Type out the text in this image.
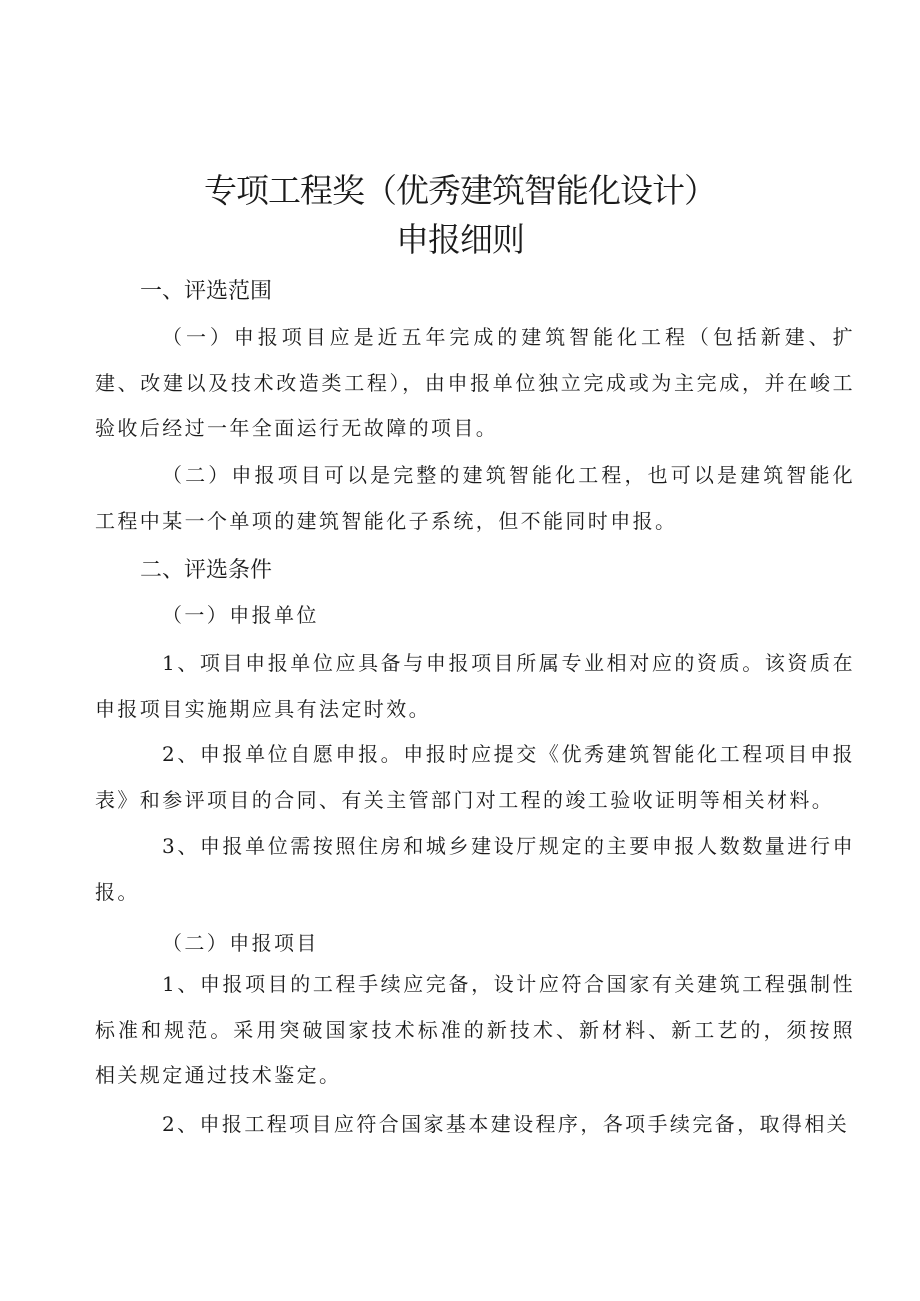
专项工程奖（优秀建筑智能化设计）
申报细则
一、评选范围

（一）申报项目应是近五年完成的建筑智能化工程（包括新建、扩建、改建以及技术改造类工程），由申报单位独立完成或为主完成，并在峻工验收后经过一年全面运行无故障的项目。

（二）申报项目可以是完整的建筑智能化工程，也可以是建筑智能化工程中某一个单项的建筑智能化子系统，但不能同时申报。

二、评选条件

（一）申报单位

1、项目申报单位应具备与申报项目所属专业相对应的资质。该资质在申报项目实施期应具有法定时效。

2、申报单位自愿申报。申报时应提交《优秀建筑智能化工程项目申报表》和参评项目的合同、有关主管部门对工程的竣工验收证明等相关材料。

3、申报单位需按照住房和城乡建设厅规定的主要申报人数数量进行申报。

（二）申报项目

1、申报项目的工程手续应完备，设计应符合国家有关建筑工程强制性标准和规范。采用突破国家技术标准的新技术、新材料、新工艺的，须按照相关规定通过技术鉴定。

2、申报工程项目应符合国家基本建设程序，各项手续完备，取得相关
